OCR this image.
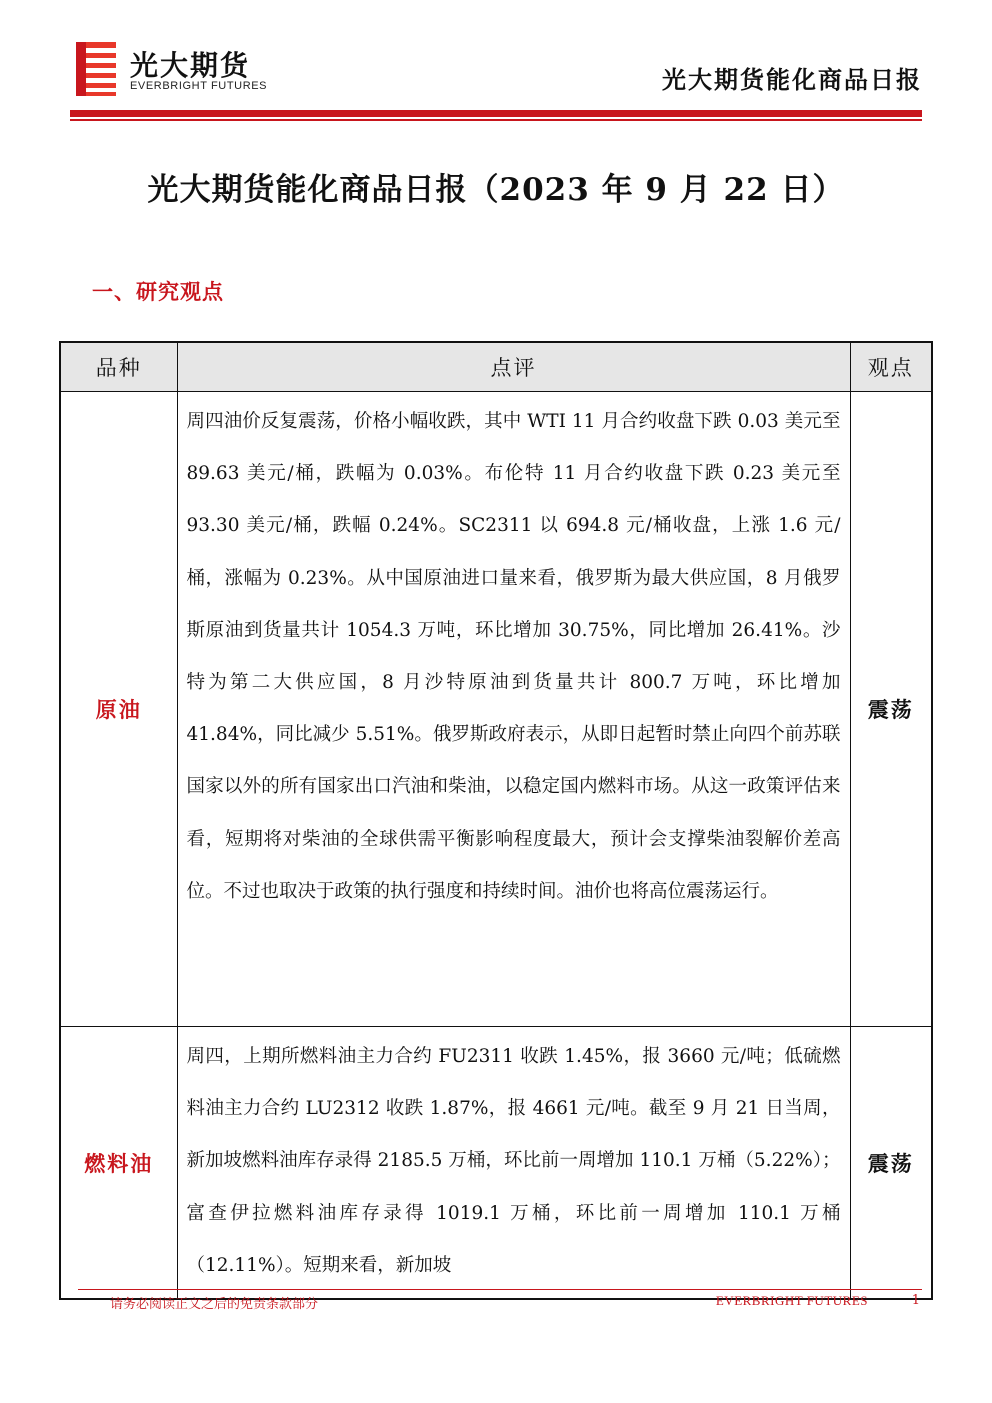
光大期货
EVERBRIGHT FUTURES	光大期货能化商品日报
光大期货能化商品日报（2023 年 9 月 22 日）
一、研究观点
品种	点评	观点
原油	周四油价反复震荡，价格小幅收跌，其中 WTI 11 月合约收盘下跌 0.03 美元至 89.63 美元/桶，跌幅为 0.03%。布伦特 11 月合约收盘下跌 0.23 美元至 93.30 美元/桶，跌幅 0.24%。SC2311 以 694.8 元/桶收盘，上涨 1.6 元/桶，涨幅为 0.23%。从中国原油进口量来看，俄罗斯为最大供应国，8 月俄罗斯原油到货量共计 1054.3 万吨，环比增加 30.75%，同比增加 26.41%。沙特为第二大供应国，8 月沙特原油到货量共计 800.7 万吨，环比增加 41.84%，同比减少 5.51%。俄罗斯政府表示，从即日起暂时禁止向四个前苏联国家以外的所有国家出口汽油和柴油，以稳定国内燃料市场。从这一政策评估来看，短期将对柴油的全球供需平衡影响程度最大，预计会支撑柴油裂解价差高位。不过也取决于政策的执行强度和持续时间。油价也将高位震荡运行。	震荡
燃料油	周四，上期所燃料油主力合约 FU2311 收跌 1.45%，报 3660 元/吨；低硫燃料油主力合约 LU2312 收跌 1.87%，报 4661 元/吨。截至 9 月 21 日当周，新加坡燃料油库存录得 2185.5 万桶，环比前一周增加 110.1 万桶（5.22%）；富查伊拉燃料油库存录得 1019.1 万桶，环比前一周增加 110.1 万桶（12.11%）。短期来看，新加坡	震荡
请务必阅读正文之后的免责条款部分	EVERBRIGHT FUTURES	1
